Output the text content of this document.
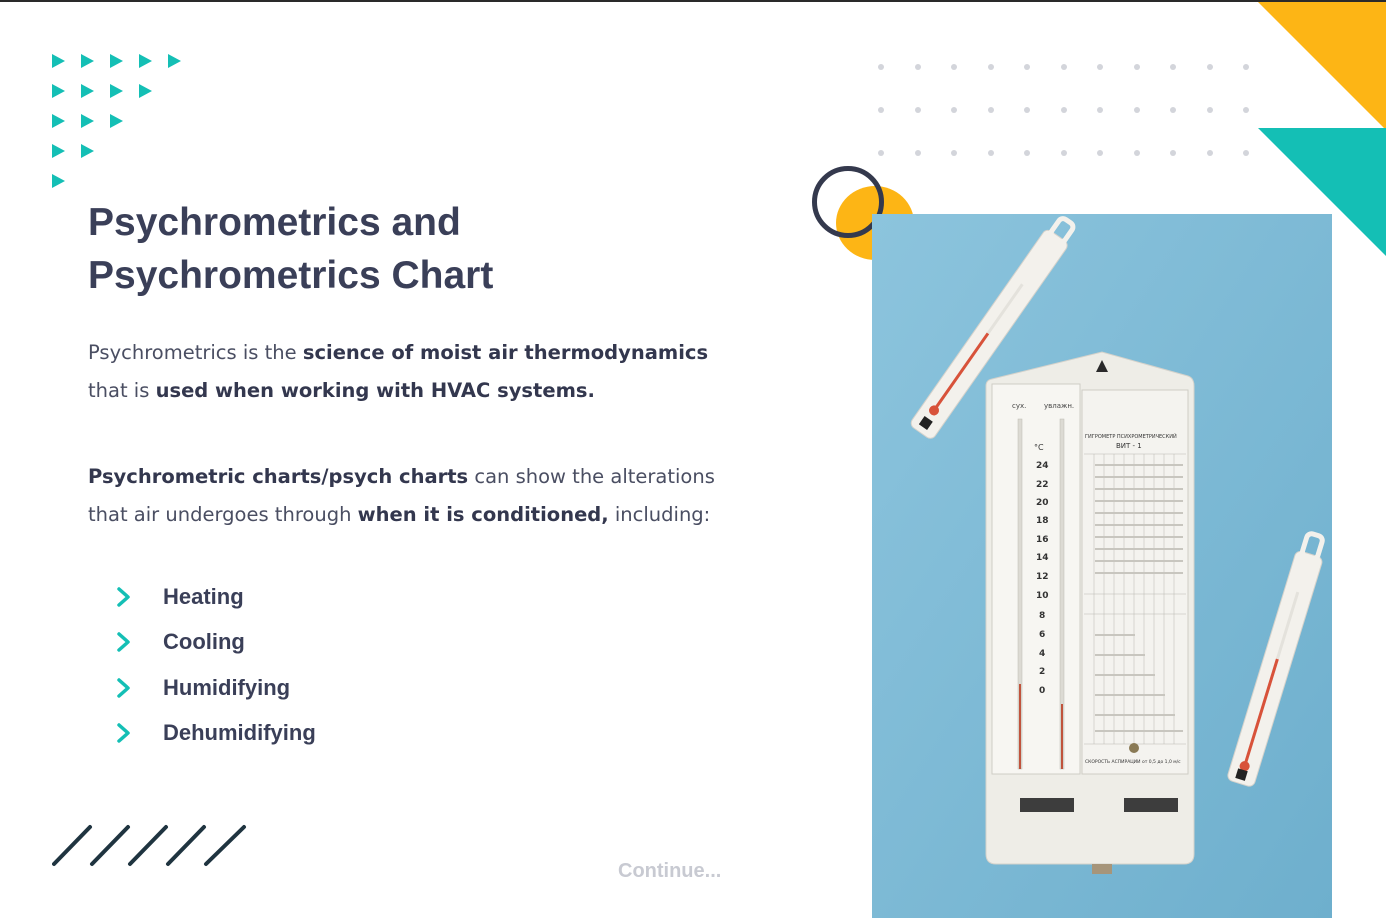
Psychrometrics and Psychrometrics Chart

Psychrometrics is the science of moist air thermodynamics that is used when working with HVAC systems.

Psychrometric charts/psych charts can show the alterations that air undergoes through when it is conditioned, including:

Heating
Cooling
Humidifying
Dehumidifying
Continue...
сух.	увлажн.
°C
24
22
20
18
16
14
12
10
8
6
4
2
0
ГИГРОМЕТР ПСИХРОМЕТРИЧЕСКИЙ
ВИТ - 1
СКОРОСТЬ АСПИРАЦИИ от 0,5 до 1,0 м/с
